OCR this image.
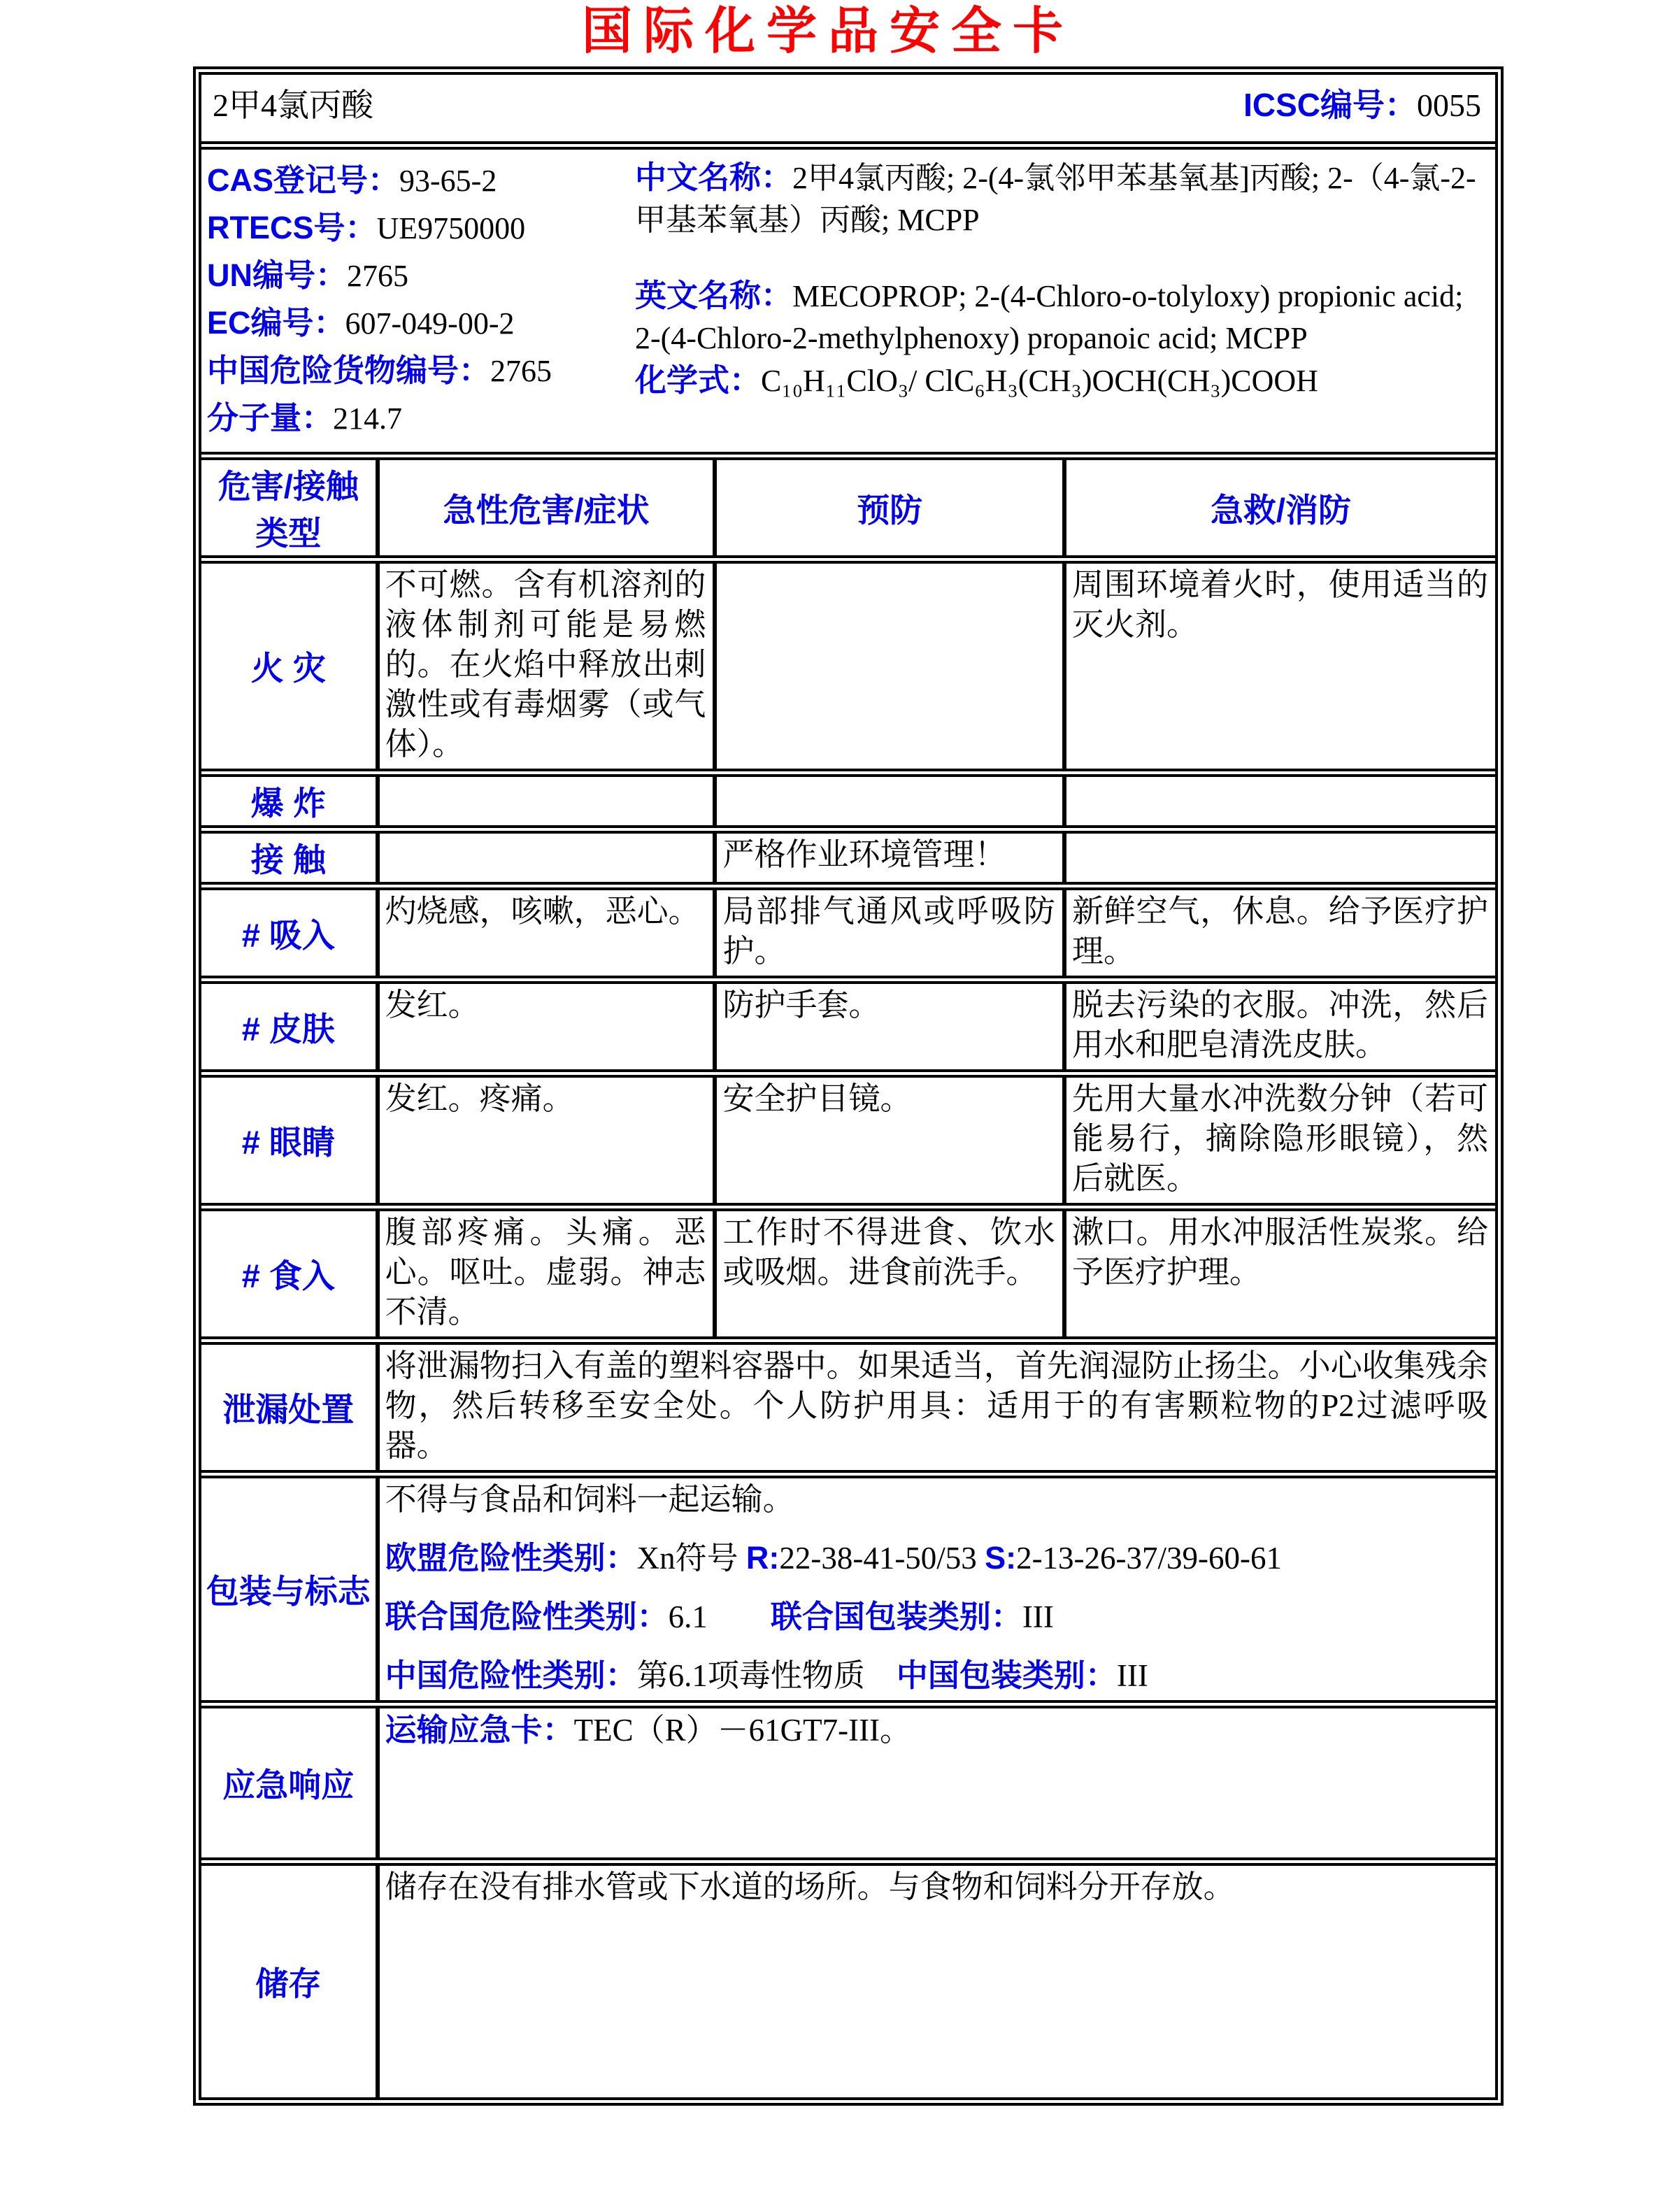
国际化学品安全卡
2甲4氯丙酸	ICSC编号：0055
CAS登记号：93-65-2
RTECS号：UE9750000
UN编号：2765
EC编号：607-049-00-2
中国危险货物编号：2765
分子量：214.7

中文名称：2甲4氯丙酸; 2-(4-氯邻甲苯基氧基]丙酸; 2-（4-氯-2-甲基苯氧基）丙酸; MCPP

英文名称：MECOPROP; 2-(4-Chloro-o-tolyloxy) propionic acid; 2-(4-Chloro-2-methylphenoxy) propanoic acid; MCPP

化学式：C₁₀H₁₁ClO₃/ ClC₆H₃(CH₃)OCH(CH₃)COOH

危害/接触类型	急性危害/症状	预防	急救/消防
火 灾	不可燃。含有机溶剂的液体制剂可能是易燃的。在火焰中释放出刺激性或有毒烟雾（或气体）。		周围环境着火时，使用适当的灭火剂。
爆 炸			
接 触		严格作业环境管理！	
# 吸入	灼烧感，咳嗽，恶心。	局部排气通风或呼吸防护。	新鲜空气，休息。给予医疗护理。
# 皮肤	发红。	防护手套。	脱去污染的衣服。冲洗，然后用水和肥皂清洗皮肤。
# 眼睛	发红。疼痛。	安全护目镜。	先用大量水冲洗数分钟（若可能易行，摘除隐形眼镜），然后就医。
# 食入	腹部疼痛。头痛。恶心。呕吐。虚弱。神志不清。	工作时不得进食、饮水或吸烟。进食前洗手。	漱口。用水冲服活性炭浆。给予医疗护理。
泄漏处置	将泄漏物扫入有盖的塑料容器中。如果适当，首先润湿防止扬尘。小心收集残余物，然后转移至安全处。个人防护用具：适用于的有害颗粒物的P2过滤呼吸器。		
包装与标志	不得与食品和饲料一起运输。

欧盟危险性类别：Xn符号 R:22-38-41-50/53 S:2-13-26-37/39-60-61

联合国危险性类别：6.1　　联合国包装类别：III

中国危险性类别：第6.1项毒性物质　中国包装类别：III		

应急响应	运输应急卡：TEC（R）－61GT7-III。		

储存	储存在没有排水管或下水道的场所。与食物和饲料分开存放。		
